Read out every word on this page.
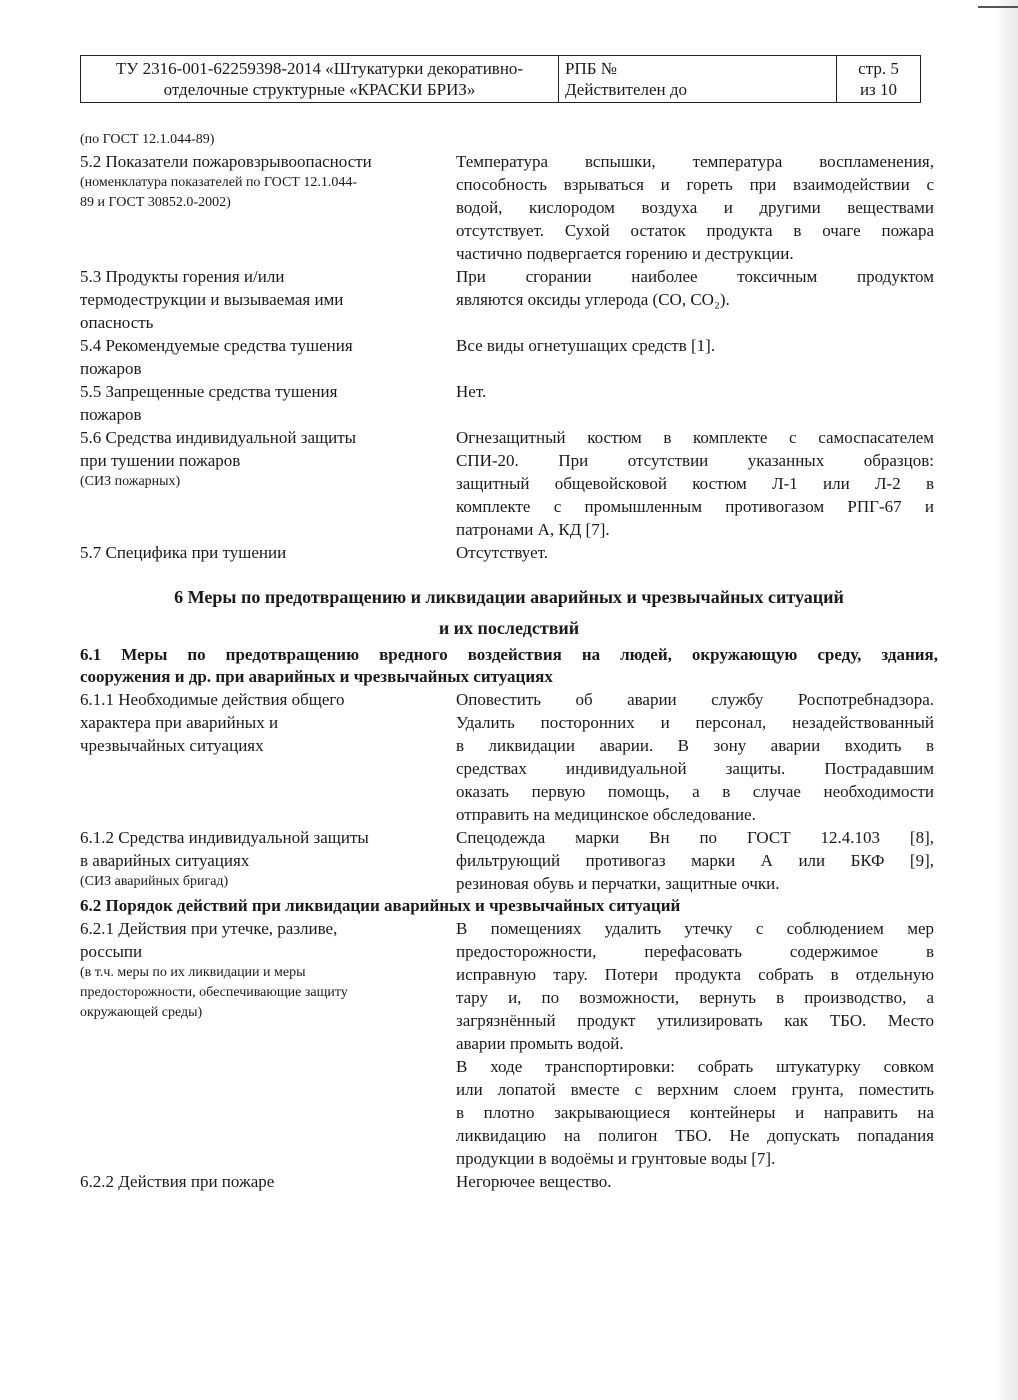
ТУ 2316-001-62259398-2014 «Штукатурки декоративно-
отделочные структурные «КРАСКИ БРИЗ»
РПБ №
Действителен до
стр. 5
из 10
(по ГОСТ 12.1.044-89)
5.2 Показатели пожаровзрывоопасности
(номенклатура показателей по ГОСТ 12.1.044-
89 и ГОСТ 30852.0-2002)
Температура вспышки, температура воспламенения,
способность взрываться и гореть при взаимодействии с
водой, кислородом воздуха и другими веществами
отсутствует. Сухой остаток продукта в очаге пожара
частично подвергается горению и деструкции.
5.3 Продукты горения и/или
термодеструкции и вызываемая ими
опасность
При сгорании наиболее токсичным продуктом
являются оксиды углерода (СО, СО₂).
5.4 Рекомендуемые средства тушения
пожаров
Все виды огнетушащих средств [1].
5.5 Запрещенные средства тушения
пожаров
Нет.
5.6 Средства индивидуальной защиты
при тушении пожаров
(СИЗ пожарных)
Огнезащитный костюм в комплекте с самоспасателем
СПИ-20. При отсутствии указанных образцов:
защитный общевойсковой костюм Л-1 или Л-2 в
комплекте с промышленным противогазом РПГ-67 и
патронами А, КД [7].
5.7 Специфика при тушении	Отсутствует.
6 Меры по предотвращению и ликвидации аварийных и чрезвычайных ситуаций
и их последствий
6.1 Меры по предотвращению вредного воздействия на людей, окружающую среду, здания,
сооружения и др. при аварийных и чрезвычайных ситуациях
6.1.1 Необходимые действия общего
характера при аварийных и
чрезвычайных ситуациях
Оповестить об аварии службу Роспотребнадзора.
Удалить посторонних и персонал, незадействованный
в ликвидации аварии. В зону аварии входить в
средствах индивидуальной защиты. Пострадавшим
оказать первую помощь, а в случае необходимости
отправить на медицинское обследование.
6.1.2 Средства индивидуальной защиты
в аварийных ситуациях
(СИЗ аварийных бригад)
Спецодежда марки Вн по ГОСТ 12.4.103 [8],
фильтрующий противогаз марки А или БКФ [9],
резиновая обувь и перчатки, защитные очки.
6.2 Порядок действий при ликвидации аварийных и чрезвычайных ситуаций
6.2.1 Действия при утечке, разливе,
россыпи
(в т.ч. меры по их ликвидации и меры
предосторожности, обеспечивающие защиту
окружающей среды)
В помещениях удалить утечку с соблюдением мер
предосторожности, перефасовать содержимое в
исправную тару. Потери продукта собрать в отдельную
тару и, по возможности, вернуть в производство, а
загрязнённый продукт утилизировать как ТБО. Место
аварии промыть водой.
В ходе транспортировки: собрать штукатурку совком
или лопатой вместе с верхним слоем грунта, поместить
в плотно закрывающиеся контейнеры и направить на
ликвидацию на полигон ТБО. Не допускать попадания
продукции в водоёмы и грунтовые воды [7].
6.2.2 Действия при пожаре	Негорючее вещество.
